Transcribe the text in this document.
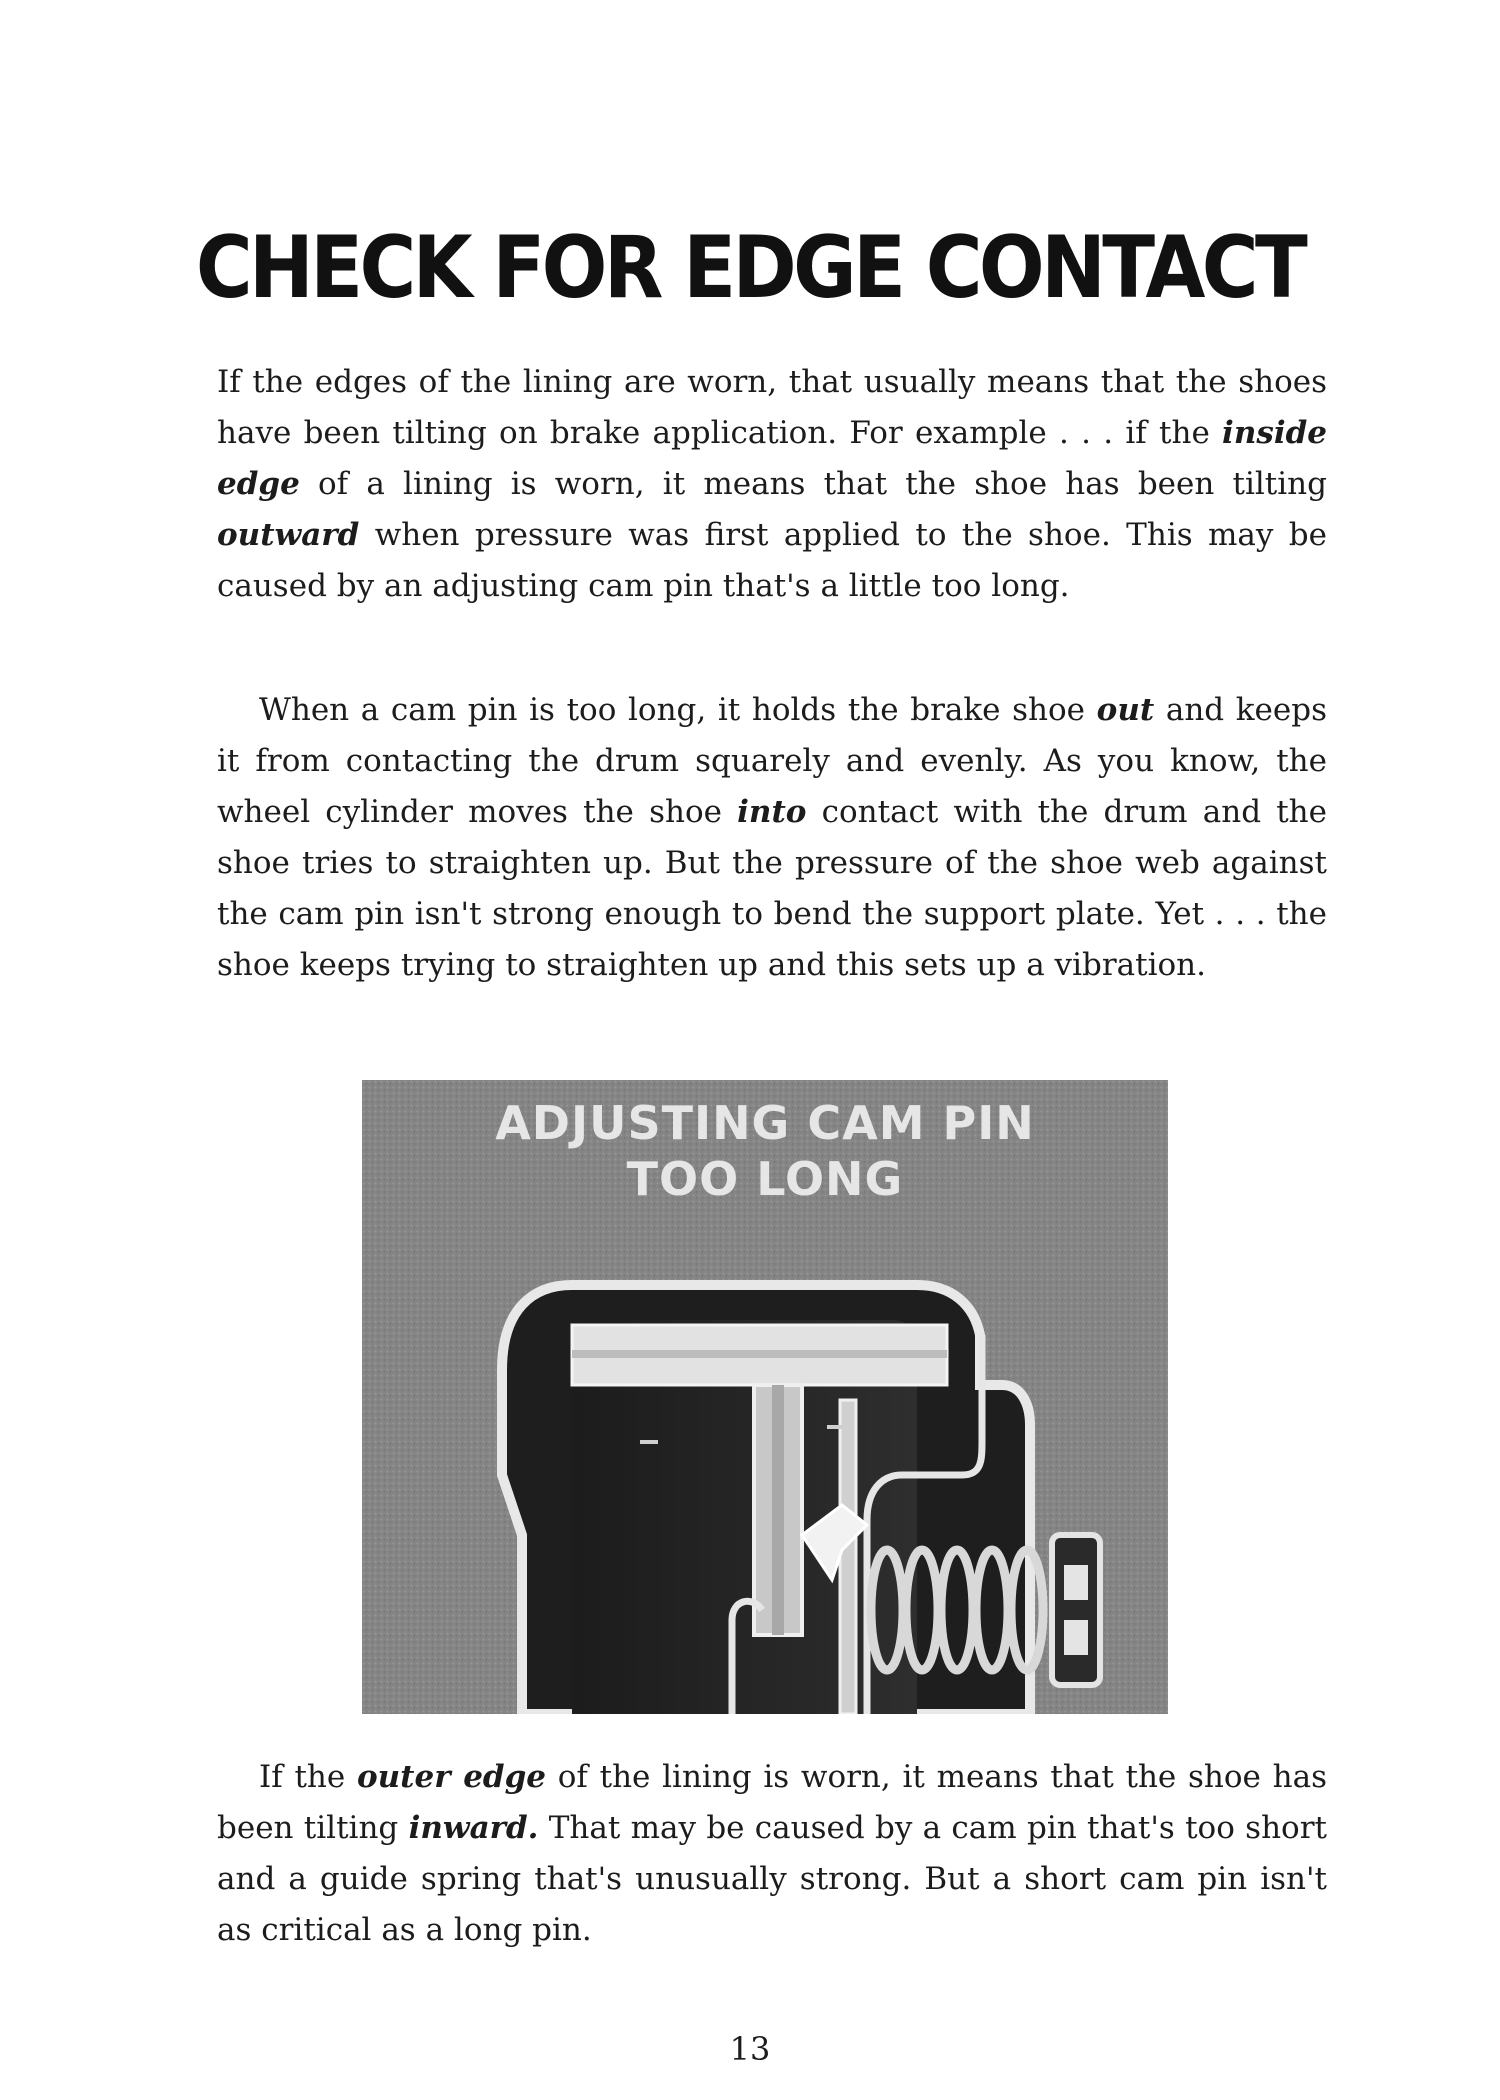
CHECK FOR EDGE CONTACT

If the edges of the lining are worn, that usually means that the shoes have been tilting on brake application. For example . . . if the inside edge of a lining is worn, it means that the shoe has been tilting outward when pressure was first applied to the shoe. This may be caused by an adjusting cam pin that's a little too long.

When a cam pin is too long, it holds the brake shoe out and keeps it from contacting the drum squarely and evenly. As you know, the wheel cylinder moves the shoe into contact with the drum and the shoe tries to straighten up. But the pressure of the shoe web against the cam pin isn't strong enough to bend the support plate. Yet . . . the shoe keeps trying to straighten up and this sets up a vibration.

ADJUSTING CAM PIN
TOO LONG

If the outer edge of the lining is worn, it means that the shoe has been tilting inward. That may be caused by a cam pin that's too short and a guide spring that's unusually strong. But a short cam pin isn't as critical as a long pin.

13
